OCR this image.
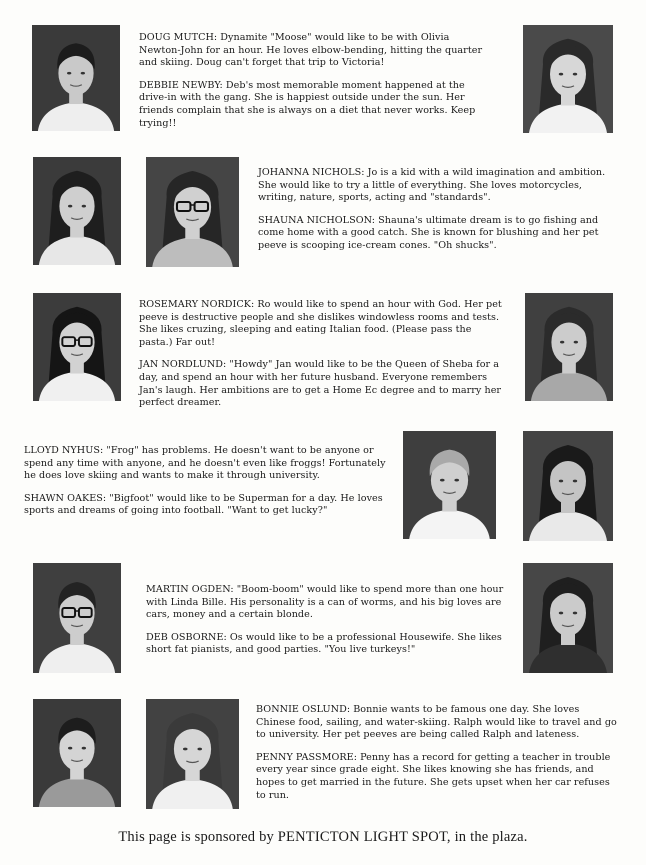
DOUG MUTCH: Dynamite "Moose" would like to be with Olivia Newton-John for an hour. He loves elbow-bending, hitting the quarter and skiing. Doug can't forget that trip to Victoria!

DEBBIE NEWBY: Deb's most memorable moment happened at the drive-in with the gang. She is happiest outside under the sun. Her friends complain that she is always on a diet that never works. Keep trying!!

JOHANNA NICHOLS: Jo is a kid with a wild imagination and ambition. She would like to try a little of everything. She loves motorcycles, writing, nature, sports, acting and "standards".

SHAUNA NICHOLSON: Shauna's ultimate dream is to go fishing and come home with a good catch. She is known for blushing and her pet peeve is scooping ice-cream cones. "Oh shucks".

ROSEMARY NORDICK: Ro would like to spend an hour with God. Her pet peeve is destructive people and she dislikes windowless rooms and tests. She likes cruzing, sleeping and eating Italian food. (Please pass the pasta.) Far out!

JAN NORDLUND: "Howdy" Jan would like to be the Queen of Sheba for a day, and spend an hour with her future husband. Everyone remembers Jan's laugh. Her ambitions are to get a Home Ec degree and to marry her perfect dreamer.

LLOYD NYHUS: "Frog" has problems. He doesn't want to be anyone or spend any time with anyone, and he doesn't even like froggs! Fortunately he does love skiing and wants to make it through university.

SHAWN OAKES: "Bigfoot" would like to be Superman for a day. He loves sports and dreams of going into football. "Want to get lucky?"

MARTIN OGDEN: "Boom-boom" would like to spend more than one hour with Linda Bille. His personality is a can of worms, and his big loves are cars, money and a certain blonde.

DEB OSBORNE: Os would like to be a professional Housewife. She likes short fat pianists, and good parties. "You live turkeys!"

BONNIE OSLUND: Bonnie wants to be famous one day. She loves Chinese food, sailing, and water-skiing. Ralph would like to travel and go to university. Her pet peeves are being called Ralph and lateness.

PENNY PASSMORE: Penny has a record for getting a teacher in trouble every year since grade eight. She likes knowing she has friends, and hopes to get married in the future. She gets upset when her car refuses to run.

This page is sponsored by PENTICTON LIGHT SPOT, in the plaza.
